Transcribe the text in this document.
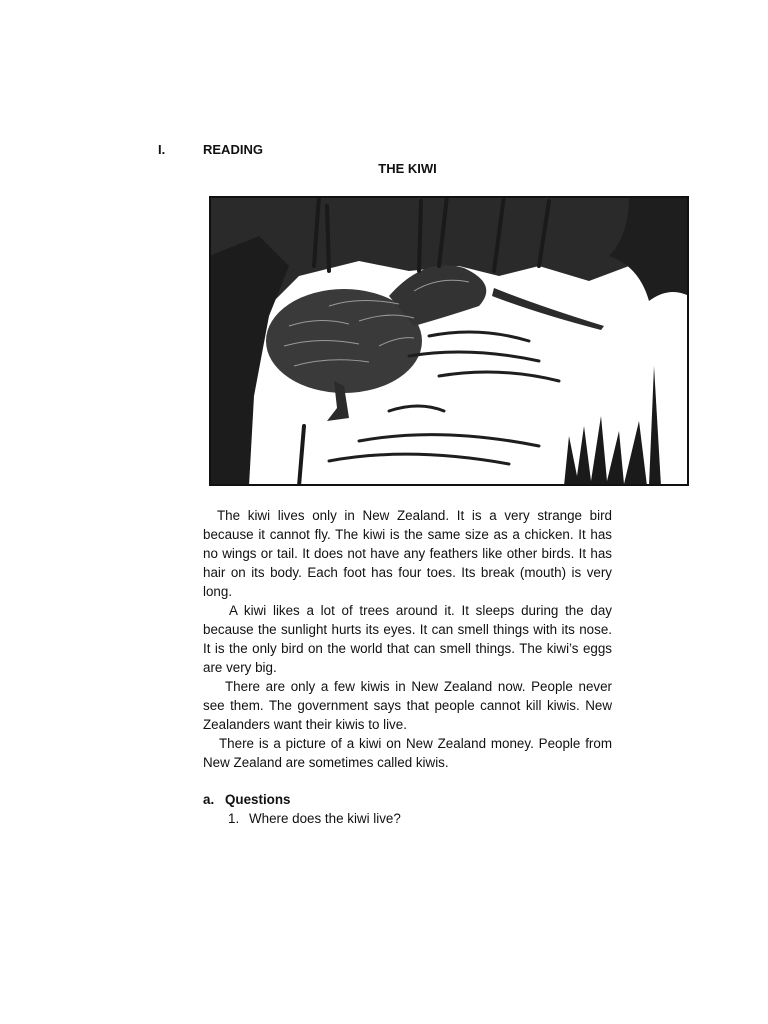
I.	READING
THE KIWI

The kiwi lives only in New Zealand. It is a very strange bird because it cannot fly. The kiwi is the same size as a chicken. It has no wings or tail. It does not have any feathers like other birds. It has hair on its body. Each foot has four toes. Its break (mouth) is very long.

A kiwi likes a lot of trees around it. It sleeps during the day because the sunlight hurts its eyes. It can smell things with its nose. It is the only bird on the world that can smell things. The kiwi’s eggs are very big.

There are only a few kiwis in New Zealand now. People never see them. The government says that people cannot kill kiwis. New Zealanders want their kiwis to live.

There is a picture of a kiwi on New Zealand money. People from New Zealand are sometimes called kiwis.

a. Questions
1. Where does the kiwi live?
